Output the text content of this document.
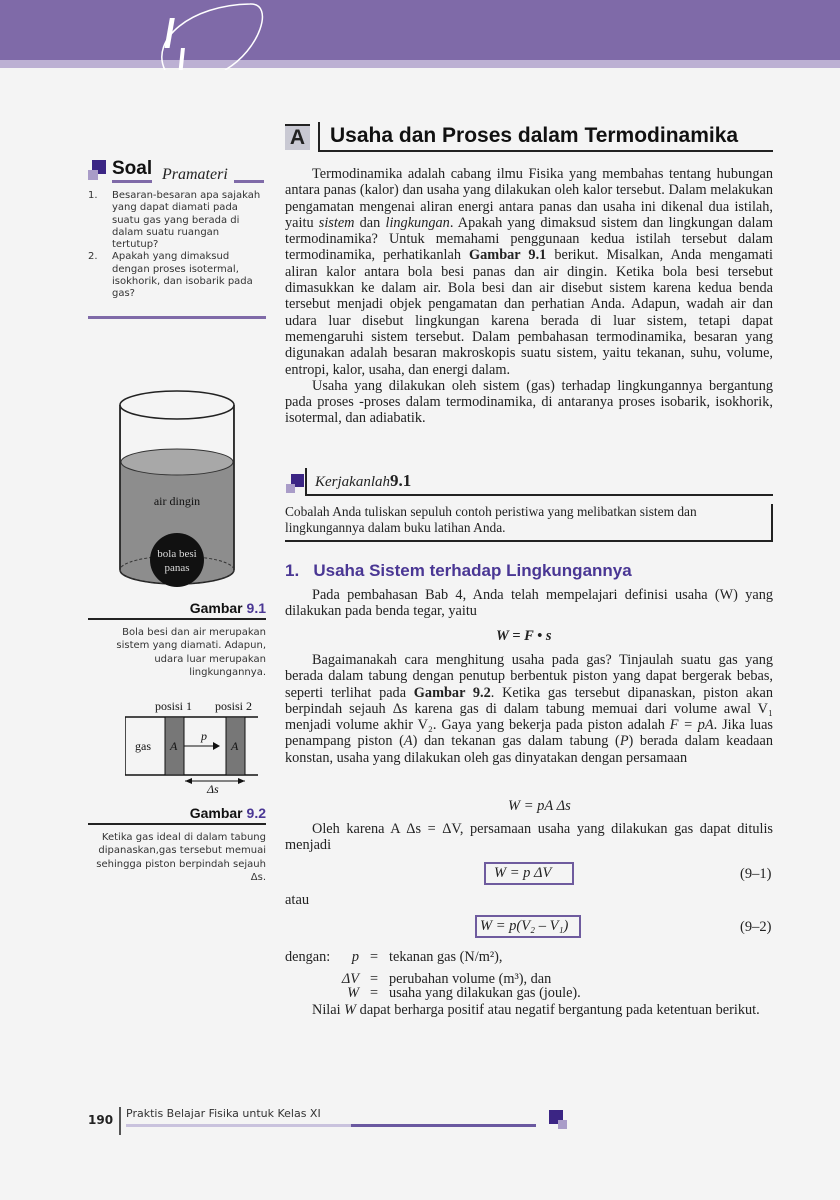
A	Usaha dan Proses dalam Termodinamika
Soal Pramateri
1. Besaran-besaran apa sajakah yang dapat diamati pada suatu gas yang berada di dalam suatu ruangan tertutup?
2. Apakah yang dimaksud dengan proses isotermal, isokhorik, dan isobarik pada gas?
air dingin
bola besi
panas
Gambar 9.1
Bola besi dan air merupakan sistem yang diamati. Adapun, udara luar merupakan lingkungannya.
posisi 1 posisi 2
gas A	A
p
Δs
Gambar 9.2
Ketika gas ideal di dalam tabung dipanaskan,gas tersebut memuai sehingga piston berpindah sejauh Δs.

Termodinamika adalah cabang ilmu Fisika yang membahas tentang hubungan antara panas (kalor) dan usaha yang dilakukan oleh kalor tersebut. Dalam melakukan pengamatan mengenai aliran energi antara panas dan usaha ini dikenal dua istilah, yaitu sistem dan lingkungan. Apakah yang dimaksud sistem dan lingkungan dalam termodinamika? Untuk memahami penggunaan kedua istilah tersebut dalam termodinamika, perhatikanlah Gambar 9.1 berikut. Misalkan, Anda mengamati aliran kalor antara bola besi panas dan air dingin. Ketika bola besi tersebut dimasukkan ke dalam air. Bola besi dan air disebut sistem karena kedua benda tersebut menjadi objek pengamatan dan perhatian Anda. Adapun, wadah air dan udara luar disebut lingkungan karena berada di luar sistem, tetapi dapat memengaruhi sistem tersebut. Dalam pembahasan termodinamika, besaran yang digunakan adalah besaran makroskopis suatu sistem, yaitu tekanan, suhu, volume, entropi, kalor, usaha, dan energi dalam.

Usaha yang dilakukan oleh sistem (gas) terhadap lingkungannya bergantung pada proses -proses dalam termodinamika, di antaranya proses isobarik, isokhorik, isotermal, dan adiabatik.

Kerjakanlah9.1
Cobalah Anda tuliskan sepuluh contoh peristiwa yang melibatkan sistem dan lingkungannya dalam buku latihan Anda.
1.   Usaha Sistem terhadap Lingkungannya

Pada pembahasan Bab 4, Anda telah mempelajari definisi usaha (W) yang dilakukan pada benda tegar, yaitu

W = F • s

Bagaimanakah cara menghitung usaha pada gas? Tinjaulah suatu gas yang berada dalam tabung dengan penutup berbentuk piston yang dapat bergerak bebas, seperti terlihat pada Gambar 9.2. Ketika gas tersebut dipanaskan, piston akan berpindah sejauh Δs karena gas di dalam tabung memuai dari volume awal V₁ menjadi volume akhir V₂. Gaya yang bekerja pada piston adalah F = pA. Jika luas penampang piston (A) dan tekanan gas dalam tabung (P) berada dalam keadaan konstan, usaha yang dilakukan oleh gas dinyatakan dengan persamaan

W = pA Δs

Oleh karena A Δs = ΔV, persamaan usaha yang dilakukan gas dapat ditulis menjadi

W = p ΔV	(9–1)
atau
W = p(V₂ – V₁)	(9–2)
dengan:	p = tekanan gas (N/m²),
ΔV = perubahan volume (m³), dan
W = usaha yang dilakukan gas (joule).

Nilai W dapat berharga positif atau negatif bergantung pada ketentuan berikut.

190 Praktis Belajar Fisika untuk Kelas XI
